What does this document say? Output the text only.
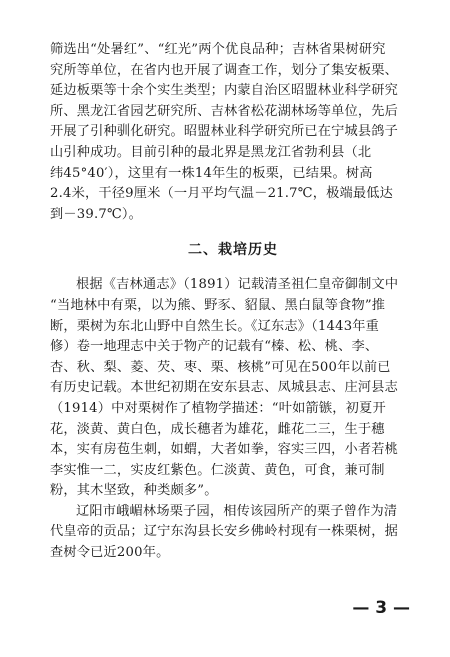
筛选出“处暑红”、“红光”两个优良品种；吉林省果树研究
究所等单位，在省内也开展了调查工作，划分了集安板栗、
延边板栗等十余个实生类型；内蒙自治区昭盟林业科学研究
所、黑龙江省园艺研究所、吉林省松花湖林场等单位，先后
开展了引种驯化研究。昭盟林业科学研究所已在宁城县鸽子
山引种成功。目前引种的最北界是黑龙江省勃利县（北
纬45°40′），这里有一株14年生的板栗，已结果。树高
2.4米，干径9厘米（一月平均气温－21.7℃，极端最低达
到－39.7℃）。
二、栽培历史
根据《吉林通志》（1891）记载清圣祖仁皇帝御制文中
“当地林中有栗，以为熊、野豕、貂鼠、黑白鼠等食物”推
断，栗树为东北山野中自然生长。《辽东志》（1443年重
修）卷一地理志中关于物产的记载有“榛、松、桃、李、
杏、秋、梨、菱、芡、枣、栗、核桃”可见在500年以前已
有历史记载。本世纪初期在安东县志、凤城县志、庄河县志
（1914）中对栗树作了植物学描述：“叶如箭镞，初夏开
花，淡黄、黄白色，成长穗者为雄花，雌花二三，生于穗
本，实有房苞生刺，如蝟，大者如拳，容实三四，小者若桃
李实惟一二，实皮红紫色。仁淡黄、黄色，可食，兼可制
粉，其木坚致，种类颇多”。
辽阳市峨嵋林场栗子园，相传该园所产的栗子曾作为清
代皇帝的贡品；辽宁东沟县长安乡佛岭村现有一株栗树，据
查树令已近200年。
— 3 —
